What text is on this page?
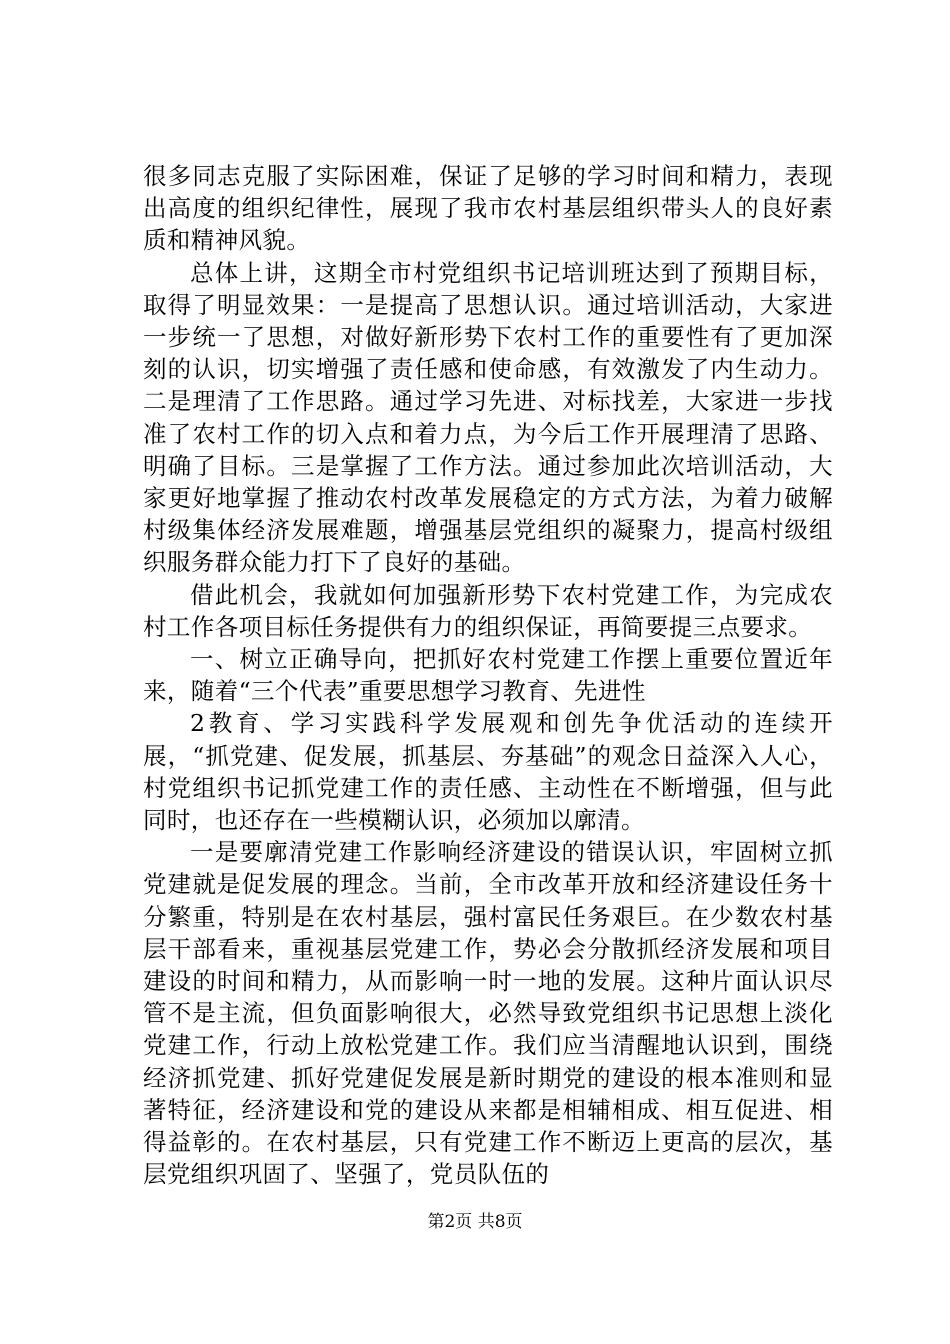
很多同志克服了实际困难，保证了足够的学习时间和精力，表现出高度的组织纪律性，展现了我市农村基层组织带头人的良好素质和精神风貌。

总体上讲，这期全市村党组织书记培训班达到了预期目标，取得了明显效果：一是提高了思想认识。通过培训活动，大家进一步统一了思想，对做好新形势下农村工作的重要性有了更加深刻的认识，切实增强了责任感和使命感，有效激发了内生动力。二是理清了工作思路。通过学习先进、对标找差，大家进一步找准了农村工作的切入点和着力点，为今后工作开展理清了思路、明确了目标。三是掌握了工作方法。通过参加此次培训活动，大家更好地掌握了推动农村改革发展稳定的方式方法，为着力破解村级集体经济发展难题，增强基层党组织的凝聚力，提高村级组织服务群众能力打下了良好的基础。

借此机会，我就如何加强新形势下农村党建工作，为完成农村工作各项目标任务提供有力的组织保证，再简要提三点要求。

一、树立正确导向，把抓好农村党建工作摆上重要位置近年来，随着“三个代表”重要思想学习教育、先进性

2教育、学习实践科学发展观和创先争优活动的连续开展，“抓党建、促发展，抓基层、夯基础”的观念日益深入人心，村党组织书记抓党建工作的责任感、主动性在不断增强，但与此同时，也还存在一些模糊认识，必须加以廓清。

一是要廓清党建工作影响经济建设的错误认识，牢固树立抓党建就是促发展的理念。当前，全市改革开放和经济建设任务十分繁重，特别是在农村基层，强村富民任务艰巨。在少数农村基层干部看来，重视基层党建工作，势必会分散抓经济发展和项目建设的时间和精力，从而影响一时一地的发展。这种片面认识尽管不是主流，但负面影响很大，必然导致党组织书记思想上淡化党建工作，行动上放松党建工作。我们应当清醒地认识到，围绕经济抓党建、抓好党建促发展是新时期党的建设的根本准则和显著特征，经济建设和党的建设从来都是相辅相成、相互促进、相得益彰的。在农村基层，只有党建工作不断迈上更高的层次，基层党组织巩固了、坚强了，党员队伍的

第2页 共8页
